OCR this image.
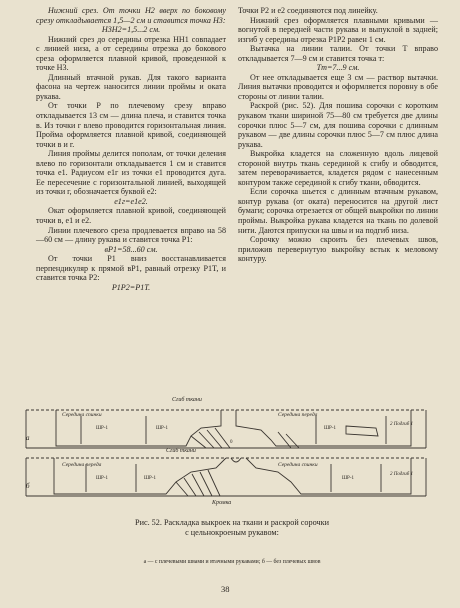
Нижний срез. От точки H2 вверх по боковому срезу откладывается 1,5—2 см и ставится точка H3:

H3H2=1,5...2 см.

Нижний срез до середины отрезка HH1 совпадает с линией низа, а от середины отрезка до бокового среза оформляется плавной кривой, проведенной к точке H3.

Длинный втачной рукав. Для такого варианта фасона на чертеж наносится линии проймы и оката рукава.

От точки P по плечевому срезу вправо откладывается 13 см — длина плеча, и ставится точка в. Из точки г влево проводится горизонтальная линия. Пройма оформляется плавной кривой, соединяющей точки в и г.

Линия проймы делится пополам, от точки деления влево по горизонтали откладывается 1 см и ставится точка е1. Радиусом е1г из точки е1 проводится дуга. Ее пересечение с горизонтальной линией, выходящей из точки г, обозначается буквой е2:

е1г=е1е2.

Окат оформляется плавной кривой, соединяющей точки в, е1 и е2.

Линии плечевого среза продлевается вправо на 58—60 см — длину рукава и ставится точка P1:

вP1=58...60 см.

От точки P1 вниз восстанавливается перпендикуляр к прямой вP1, равный отрезку P1T, и ставится точка P2:

P1P2=P1T.

Точки P2 и е2 соединяются под линейку.

Нижний срез оформляется плавными кривыми — вогнутой в передней части рукава и выпуклой в задней; изгиб у середины отрезка P1P2 равен 1 см.

Вытачка на линии талии. От точки T вправо откладывается 7—9 см и ставится точка т:

Тт=7...9 см.

От нее откладывается еще 3 см — раствор вытачки. Линия вытачки проводится и оформляется поровну в обе стороны от линии талии.

Раскрой (рис. 52). Для пошива сорочки с коротким рукавом ткани шириной 75—80 см требуется две длины сорочки плюс 5—7 см, для пошива сорочки с длинным рукавом — две длины сорочки плюс 5—7 см плюс длина рукава.

Выкройка кладется на сложенную вдоль лицевой стороной внутрь ткань серединой к сгибу и обводится, затем переворачивается, кладется рядом с нанесенным контуром также серединой к сгибу ткани, обводится.

Если сорочка шьется с длинным втачным рукавом, контур рукава (от оката) переносится на другой лист бумаги; сорочка отрезается от общей выкройки по линии проймы. Выкройка рукава кладется на ткань по долевой нити. Даются припуски на швы и на подгиб низа.

Сорочку можно скроить без плечевых швов, приложив перевернутую выкройку встык к меловому контуру.

Сгиб ткани
Сгиб ткани
Середина спинки	Середина переда
Середина переда	Середина спинки
Кромка
ШР-1	ШР-1	ШР-1
ШР-1	ШР-1	ШР-1
2 Подгиб 1
2 Подгиб 1
а
б
0
Рис. 52. Раскладка выкроек на ткани и раскрой сорочки
с цельнокроеным рукавом:
а — с плечевыми швами и втачными рукавами; б — без плечевых швов
38
